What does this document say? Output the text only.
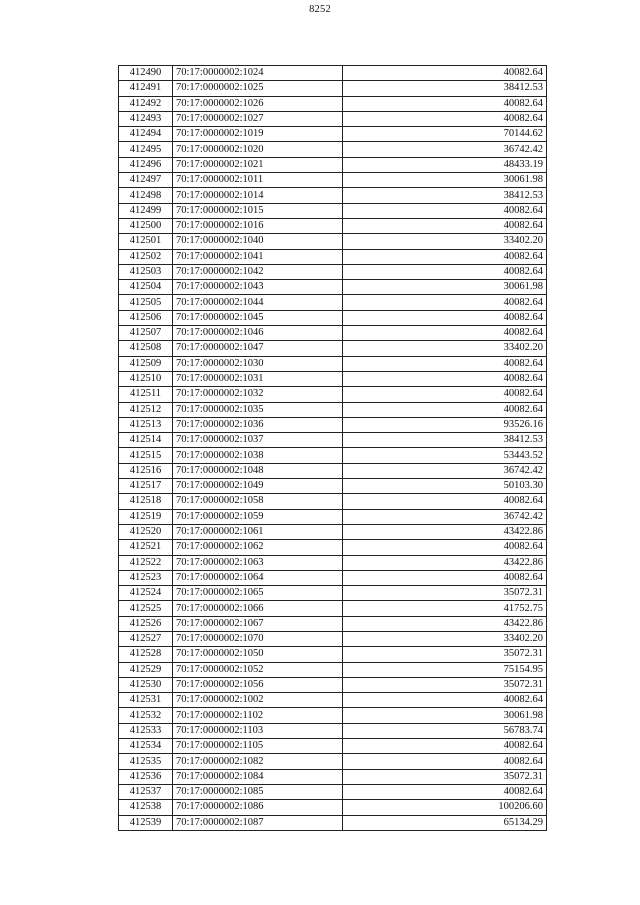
8252
412490	70:17:0000002:1024	40082.64
412491	70:17:0000002:1025	38412.53
412492	70:17:0000002:1026	40082.64
412493	70:17:0000002:1027	40082.64
412494	70:17:0000002:1019	70144.62
412495	70:17:0000002:1020	36742.42
412496	70:17:0000002:1021	48433.19
412497	70:17:0000002:1011	30061.98
412498	70:17:0000002:1014	38412.53
412499	70:17:0000002:1015	40082.64
412500	70:17:0000002:1016	40082.64
412501	70:17:0000002:1040	33402.20
412502	70:17:0000002:1041	40082.64
412503	70:17:0000002:1042	40082.64
412504	70:17:0000002:1043	30061.98
412505	70:17:0000002:1044	40082.64
412506	70:17:0000002:1045	40082.64
412507	70:17:0000002:1046	40082.64
412508	70:17:0000002:1047	33402.20
412509	70:17:0000002:1030	40082.64
412510	70:17:0000002:1031	40082.64
412511	70:17:0000002:1032	40082.64
412512	70:17:0000002:1035	40082.64
412513	70:17:0000002:1036	93526.16
412514	70:17:0000002:1037	38412.53
412515	70:17:0000002:1038	53443.52
412516	70:17:0000002:1048	36742.42
412517	70:17:0000002:1049	50103.30
412518	70:17:0000002:1058	40082.64
412519	70:17:0000002:1059	36742.42
412520	70:17:0000002:1061	43422.86
412521	70:17:0000002:1062	40082.64
412522	70:17:0000002:1063	43422.86
412523	70:17:0000002:1064	40082.64
412524	70:17:0000002:1065	35072.31
412525	70:17:0000002:1066	41752.75
412526	70:17:0000002:1067	43422.86
412527	70:17:0000002:1070	33402.20
412528	70:17:0000002:1050	35072.31
412529	70:17:0000002:1052	75154.95
412530	70:17:0000002:1056	35072.31
412531	70:17:0000002:1002	40082.64
412532	70:17:0000002:1102	30061.98
412533	70:17:0000002:1103	56783.74
412534	70:17:0000002:1105	40082.64
412535	70:17:0000002:1082	40082.64
412536	70:17:0000002:1084	35072.31
412537	70:17:0000002:1085	40082.64
412538	70:17:0000002:1086	100206.60
412539	70:17:0000002:1087	65134.29
